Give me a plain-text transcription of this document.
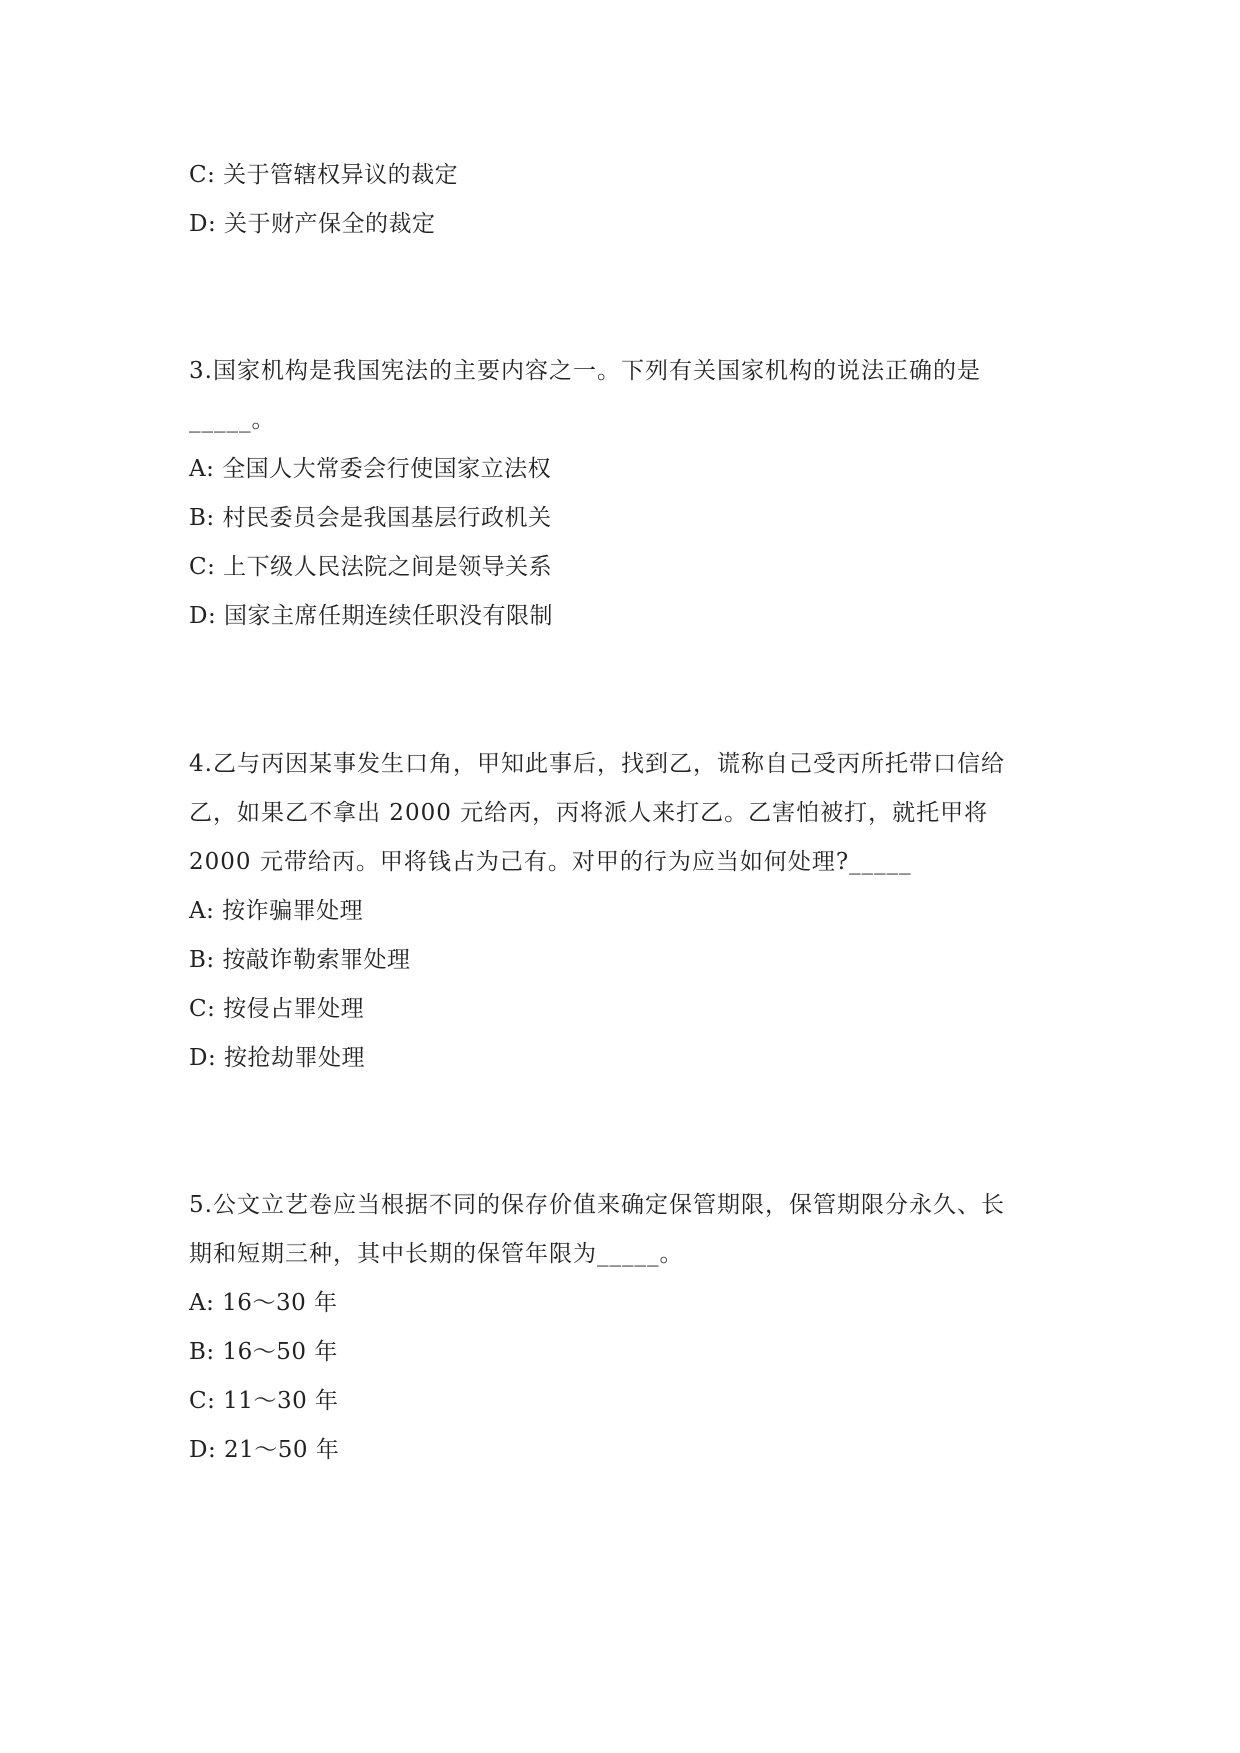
C: 关于管辖权异议的裁定
D: 关于财产保全的裁定
3.国家机构是我国宪法的主要内容之一。下列有关国家机构的说法正确的是
_____。
A: 全国人大常委会行使国家立法权
B: 村民委员会是我国基层行政机关
C: 上下级人民法院之间是领导关系
D: 国家主席任期连续任职没有限制
4.乙与丙因某事发生口角，甲知此事后，找到乙，谎称自己受丙所托带口信给
乙，如果乙不拿出 2000 元给丙，丙将派人来打乙。乙害怕被打，就托甲将
2000 元带给丙。甲将钱占为己有。对甲的行为应当如何处理?_____
A: 按诈骗罪处理
B: 按敲诈勒索罪处理
C: 按侵占罪处理
D: 按抢劫罪处理
5.公文立艺卷应当根据不同的保存价值来确定保管期限，保管期限分永久、长
期和短期三种，其中长期的保管年限为_____。
A: 16～30 年
B: 16～50 年
C: 11～30 年
D: 21～50 年
